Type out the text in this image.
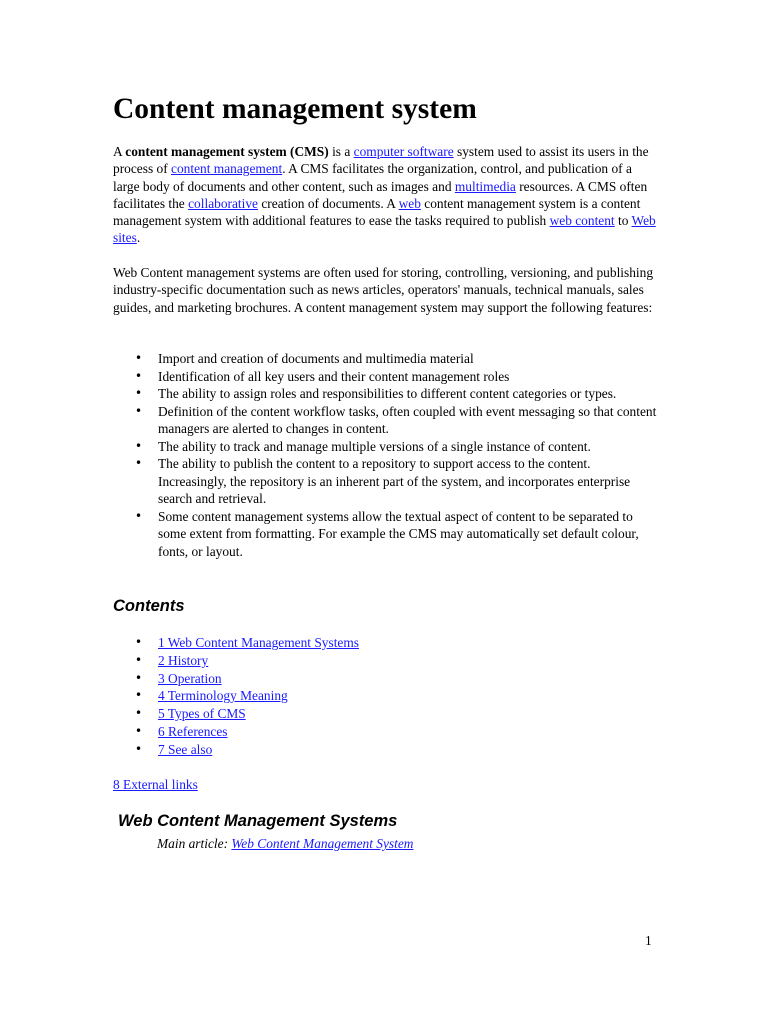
Content management system

A content management system (CMS) is a computer software system used to assist its users in the process of content management. A CMS facilitates the organization, control, and publication of a large body of documents and other content, such as images and multimedia resources. A CMS often facilitates the collaborative creation of documents. A web content management system is a content management system with additional features to ease the tasks required to publish web content to Web sites.

Web Content management systems are often used for storing, controlling, versioning, and publishing industry-specific documentation such as news articles, operators' manuals, technical manuals, sales guides, and marketing brochures. A content management system may support the following features:

• Import and creation of documents and multimedia material
• Identification of all key users and their content management roles
• The ability to assign roles and responsibilities to different content categories or types.
• Definition of the content workflow tasks, often coupled with event messaging so that content managers are alerted to changes in content.
• The ability to track and manage multiple versions of a single instance of content.
• The ability to publish the content to a repository to support access to the content. Increasingly, the repository is an inherent part of the system, and incorporates enterprise search and retrieval.
• Some content management systems allow the textual aspect of content to be separated to some extent from formatting. For example the CMS may automatically set default colour, fonts, or layout.
Contents
• 1 Web Content Management Systems
• 2 History
• 3 Operation
• 4 Terminology Meaning
• 5 Types of CMS
• 6 References
• 7 See also
8 External links
Web Content Management Systems
Main article: Web Content Management System
1
